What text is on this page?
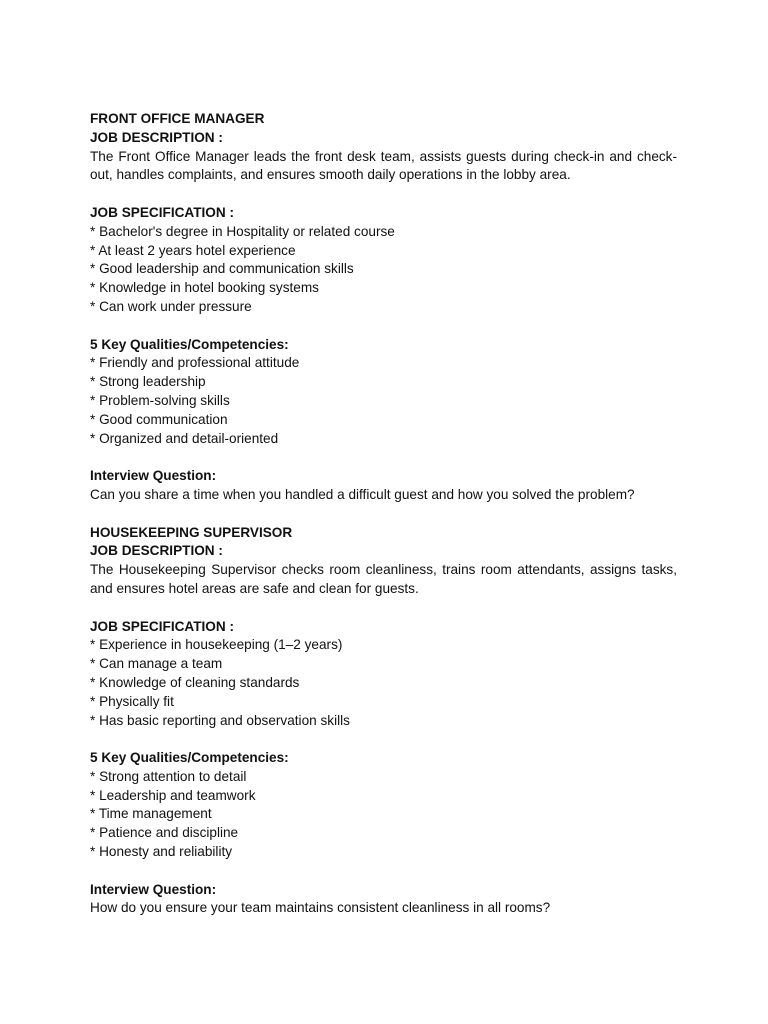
FRONT OFFICE MANAGER
JOB DESCRIPTION :

The Front Office Manager leads the front desk team, assists guests during check-in and check-out, handles complaints, and ensures smooth daily operations in the lobby area.

JOB SPECIFICATION :
* Bachelor's degree in Hospitality or related course
* At least 2 years hotel experience
* Good leadership and communication skills
* Knowledge in hotel booking systems
* Can work under pressure
5 Key Qualities/Competencies:
* Friendly and professional attitude
* Strong leadership
* Problem-solving skills
* Good communication
* Organized and detail-oriented
Interview Question:
Can you share a time when you handled a difficult guest and how you solved the problem?
HOUSEKEEPING SUPERVISOR
JOB DESCRIPTION :

The Housekeeping Supervisor checks room cleanliness, trains room attendants, assigns tasks, and ensures hotel areas are safe and clean for guests.

JOB SPECIFICATION :
* Experience in housekeeping (1–2 years)
* Can manage a team
* Knowledge of cleaning standards
* Physically fit
* Has basic reporting and observation skills
5 Key Qualities/Competencies:
* Strong attention to detail
* Leadership and teamwork
* Time management
* Patience and discipline
* Honesty and reliability
Interview Question:
How do you ensure your team maintains consistent cleanliness in all rooms?
